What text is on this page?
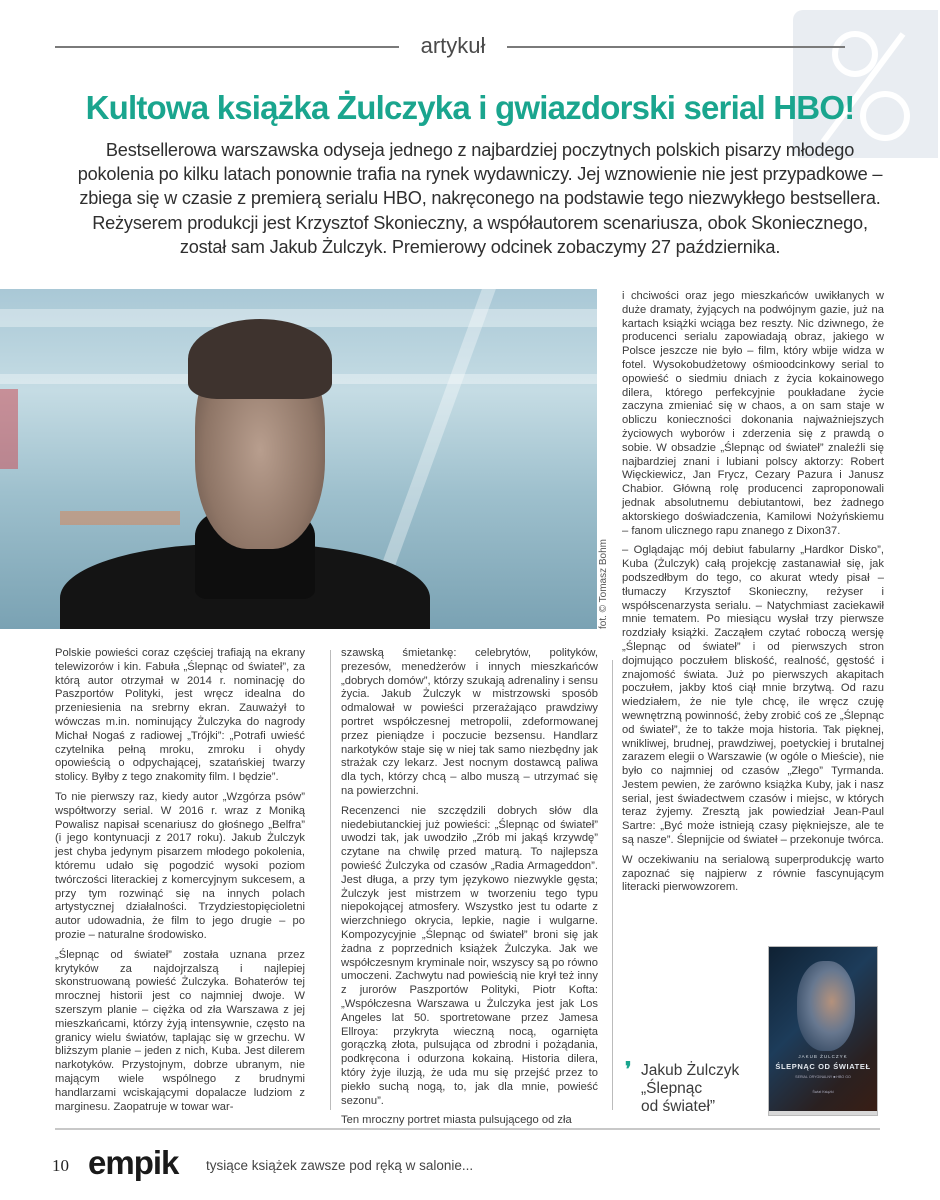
artykuł
Kultowa książka Żulczyka i gwiazdorski serial HBO!

Bestsellerowa warszawska odyseja jednego z najbardziej poczytnych polskich pisarzy młodego pokolenia po kilku latach ponownie trafia na rynek wydawniczy. Jej wznowienie nie jest przypadkowe – zbiega się w czasie z premierą serialu HBO, nakręconego na podstawie tego niezwykłego bestsellera. Reżyserem produkcji jest Krzysztof Skonieczny, a współautorem scenariusza, obok Skoniecznego, został sam Jakub Żulczyk. Premierowy odcinek zobaczymy 27 października.

fot. © Tomasz Bohm

Polskie powieści coraz częściej trafiają na ekrany telewizorów i kin. Fabuła „Ślepnąc od świateł”, za którą autor otrzymał w 2014 r. nominację do Paszportów Polityki, jest wręcz idealna do przeniesienia na srebrny ekran. Zauważył to wówczas m.in. nominujący Żulczyka do nagrody Michał Nogaś z radiowej „Trójki”: „Potrafi uwieść czytelnika pełną mroku, zmroku i ohydy opowieścią o odpychającej, szatańskiej twarzy stolicy. Byłby z tego znakomity film. I będzie”.

To nie pierwszy raz, kiedy autor „Wzgórza psów” współtworzy serial. W 2016 r. wraz z Moniką Powalisz napisał scenariusz do głośnego „Belfra” (i jego kontynuacji z 2017 roku). Jakub Żulczyk jest chyba jedynym pisarzem młodego pokolenia, któremu udało się pogodzić wysoki poziom twórczości literackiej z komercyjnym sukcesem, a przy tym rozwinąć się na innych polach artystycznej działalności. Trzydziestopięcioletni autor udowadnia, że film to jego drugie – po prozie – naturalne środowisko.

„Ślepnąc od świateł” została uznana przez krytyków za najdojrzalszą i najlepiej skonstruowaną powieść Żulczyka. Bohaterów tej mrocznej historii jest co najmniej dwoje. W szerszym planie – ciężka od zła Warszawa z jej mieszkańcami, którzy żyją intensywnie, często na granicy wielu światów, taplając się w grzechu. W bliższym planie – jeden z nich, Kuba. Jest dilerem narkotyków. Przystojnym, dobrze ubranym, nie mającym wiele wspólnego z brudnymi handlarzami wciskającymi dopalacze ludziom z marginesu. Zaopatruje w towar war-

szawską śmietankę: celebrytów, polityków, prezesów, menedżerów i innych mieszkańców „dobrych domów”, którzy szukają adrenaliny i sensu życia. Jakub Żulczyk w mistrzowski sposób odmalował w powieści przerażająco prawdziwy portret współczesnej metropolii, zdeformowanej przez pieniądze i poczucie bezsensu. Handlarz narkotyków staje się w niej tak samo niezbędny jak strażak czy lekarz. Jest nocnym dostawcą paliwa dla tych, którzy chcą – albo muszą – utrzymać się na powierzchni.

Recenzenci nie szczędzili dobrych słów dla niedebiutanckiej już powieści: „Ślepnąc od świateł” uwodzi tak, jak uwodziło „Zrób mi jakąś krzywdę” czytane na chwilę przed maturą. To najlepsza powieść Żulczyka od czasów „Radia Armageddon”. Jest długa, a przy tym językowo niezwykle gęsta; Żulczyk jest mistrzem w tworzeniu tego typu niepokojącej atmosfery. Wszystko jest tu odarte z wierzchniego okrycia, lepkie, nagie i wulgarne. Kompozycyjnie „Ślepnąc od świateł” broni się jak żadna z poprzednich książek Żulczyka. Jak we współczesnym kryminale noir, wszyscy są po równo umoczeni. Zachwytu nad powieścią nie krył też inny z jurorów Paszportów Polityki, Piotr Kofta: „Współczesna Warszawa u Żulczyka jest jak Los Angeles lat 50. sportretowane przez Jamesa Ellroya: przykryta wieczną nocą, ogarnięta gorączką złota, pulsująca od zbrodni i pożądania, podkręcona i odurzona kokainą. Historia dilera, który żyje iluzją, że uda mu się przejść przez to piekło suchą nogą, to, jak dla mnie, powieść sezonu”.

Ten mroczny portret miasta pulsującego od zła

i chciwości oraz jego mieszkańców uwikłanych w duże dramaty, żyjących na podwójnym gazie, już na kartach książki wciąga bez reszty. Nic dziwnego, że producenci serialu zapowiadają obraz, jakiego w Polsce jeszcze nie było – film, który wbije widza w fotel. Wysokobudżetowy ośmioodcinkowy serial to opowieść o siedmiu dniach z życia kokainowego dilera, którego perfekcyjnie poukładane życie zaczyna zmieniać się w chaos, a on sam staje w obliczu konieczności dokonania najważniejszych życiowych wyborów i zderzenia się z prawdą o sobie. W obsadzie „Ślepnąc od świateł” znaleźli się najbardziej znani i lubiani polscy aktorzy: Robert Więckiewicz, Jan Frycz, Cezary Pazura i Janusz Chabior. Główną rolę producenci zaproponowali jednak absolutnemu debiutantowi, bez żadnego aktorskiego doświadczenia, Kamilowi Nożyńskiemu – fanom ulicznego rapu znanego z Dixon37.

– Oglądając mój debiut fabularny „Hardkor Disko”, Kuba (Żulczyk) całą projekcję zastanawiał się, jak podszedłbym do tego, co akurat wtedy pisał – tłumaczy Krzysztof Skonieczny, reżyser i współscenarzysta serialu. – Natychmiast zaciekawił mnie tematem. Po miesiącu wysłał trzy pierwsze rozdziały książki. Zacząłem czytać roboczą wersję „Ślepnąc od świateł” i od pierwszych stron dojmująco poczułem bliskość, realność, gęstość i znajomość świata. Już po pierwszych akapitach poczułem, jakby ktoś ciął mnie brzytwą. Od razu wiedziałem, że nie tyle chcę, ile wręcz czuję wewnętrzną powinność, żeby zrobić coś ze „Ślepnąc od świateł”, że to także moja historia. Tak pięknej, wnikliwej, brudnej, prawdziwej, poetyckiej i brutalnej zarazem elegii o Warszawie (w ogóle o Mieście), nie było co najmniej od czasów „Złego” Tyrmanda. Jestem pewien, że zarówno książka Kuby, jak i nasz serial, jest świadectwem czasów i miejsc, w których teraz żyjemy. Zresztą jak powiedział Jean-Paul Sartre: „Być może istnieją czasy piękniejsze, ale te są nasze”. Ślepnijcie od świateł – przekonuje twórca.

W oczekiwaniu na serialową superprodukcję warto zapoznać się najpierw z równie fascynującym literacki pierwowzorem.

❜ Jakub Żulczyk
„Ślepnąc
od świateł”
JAKUB ŻULCZYK
ŚLEPNĄC OD ŚWIATEŁ
SERIAL ORYGINALNY ■ HBO GO
Świat Książki
10 empik tysiące książek zawsze pod ręką w salonie...
